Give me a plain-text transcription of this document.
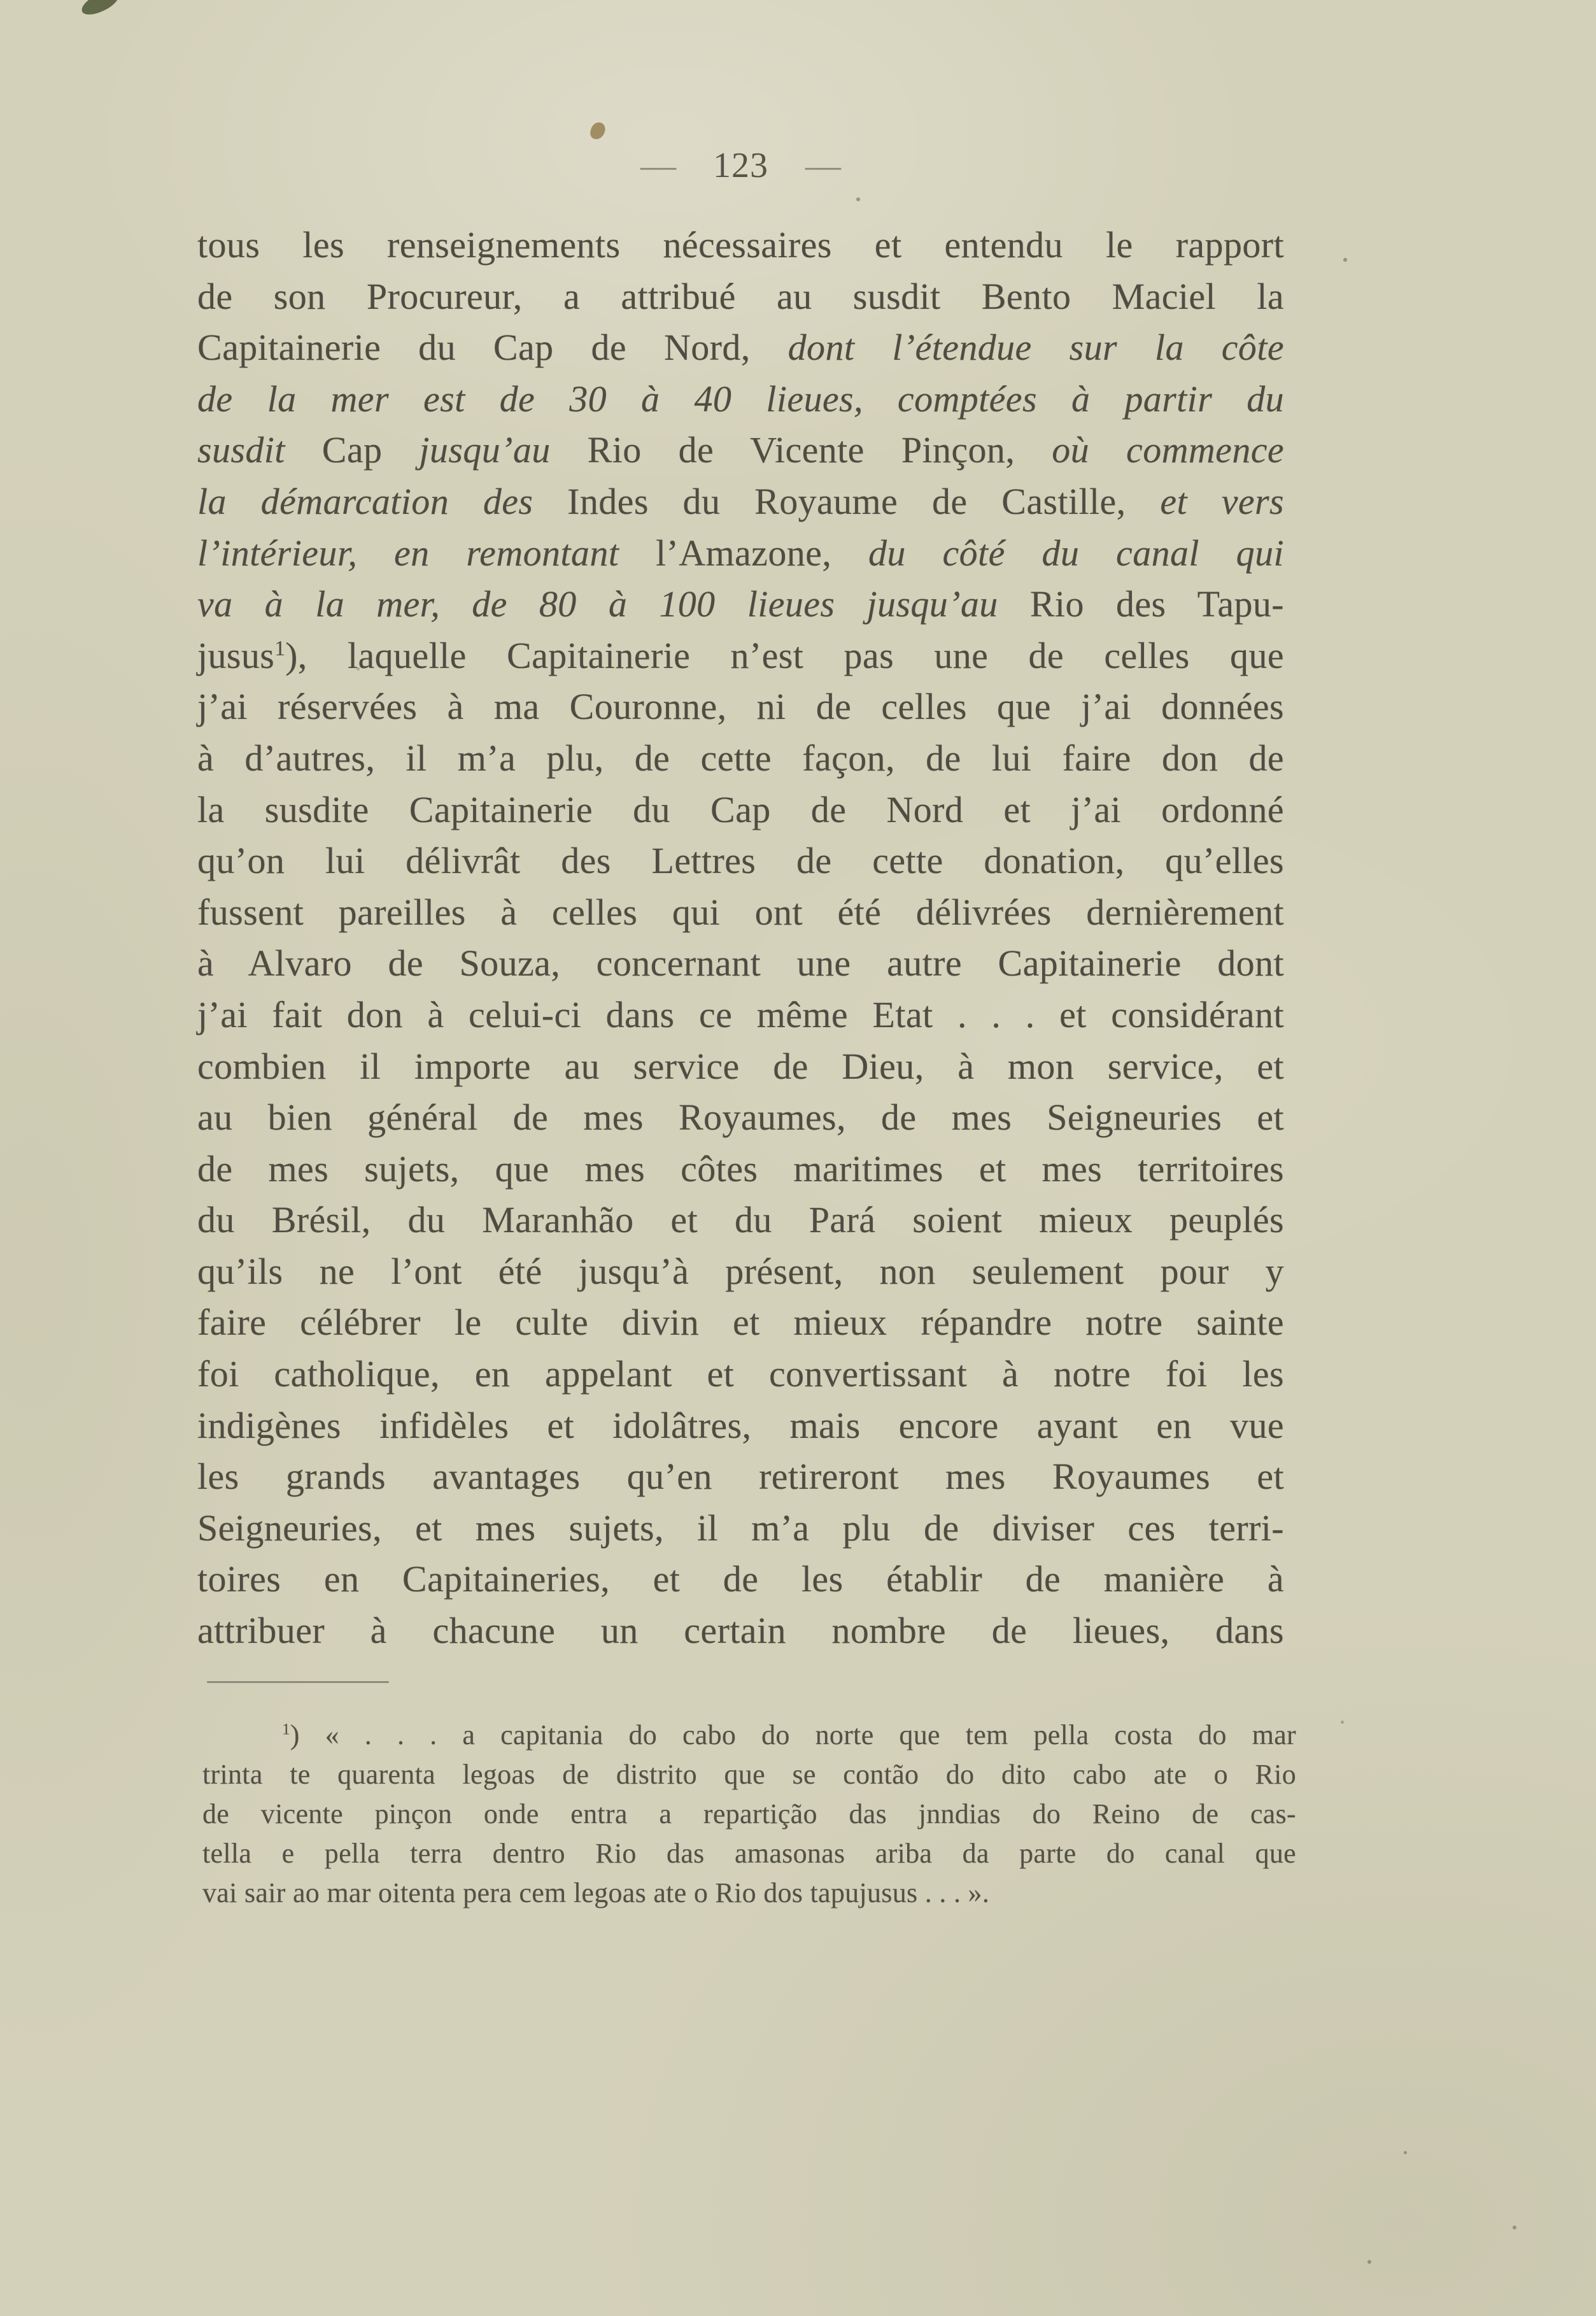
— 123 —
tous les renseignements nécessaires et entendu le rapport
de son Procureur, a attribué au susdit Bento Maciel la
Capitainerie du Cap de Nord, dont l’étendue sur la côte
de la mer est de 30 à 40 lieues, comptées à partir du
susdit Cap jusqu’au Rio de Vicente Pinçon, où commence
la démarcation des Indes du Royaume de Castille, et vers
l’intérieur, en remontant l’Amazone, du côté du canal qui
va à la mer, de 80 à 100 lieues jusqu’au Rio des Tapu-
jusus$^1$), laquelle Capitainerie n’est pas une de celles que
j’ai réservées à ma Couronne, ni de celles que j’ai données
à d’autres, il m’a plu, de cette façon, de lui faire don de
la susdite Capitainerie du Cap de Nord et j’ai ordonné
qu’on lui délivrât des Lettres de cette donation, qu’elles
fussent pareilles à celles qui ont été délivrées dernièrement
à Alvaro de Souza, concernant une autre Capitainerie dont
j’ai fait don à celui-ci dans ce même Etat . . . et considérant
combien il importe au service de Dieu, à mon service, et
au bien général de mes Royaumes, de mes Seigneuries et
de mes sujets, que mes côtes maritimes et mes territoires
du Brésil, du Maranhão et du Pará soient mieux peuplés
qu’ils ne l’ont été jusqu’à présent, non seulement pour y
faire célébrer le culte divin et mieux répandre notre sainte
foi catholique, en appelant et convertissant à notre foi les
indigènes infidèles et idolâtres, mais encore ayant en vue
les grands avantages qu’en retireront mes Royaumes et
Seigneuries, et mes sujets, il m’a plu de diviser ces terri-
toires en Capitaineries, et de les établir de manière à
attribuer à chacune un certain nombre de lieues, dans
$^1$) « . . . a capitania do cabo do norte que tem pella costa do mar
trinta te quarenta legoas de distrito que se contão do dito cabo ate o Rio
de vicente pinçon onde entra a repartição das jnndias do Reino de cas-
tella e pella terra dentro Rio das amasonas ariba da parte do canal que
vai sair ao mar oitenta pera cem legoas ate o Rio dos tapujusus . . . ».
